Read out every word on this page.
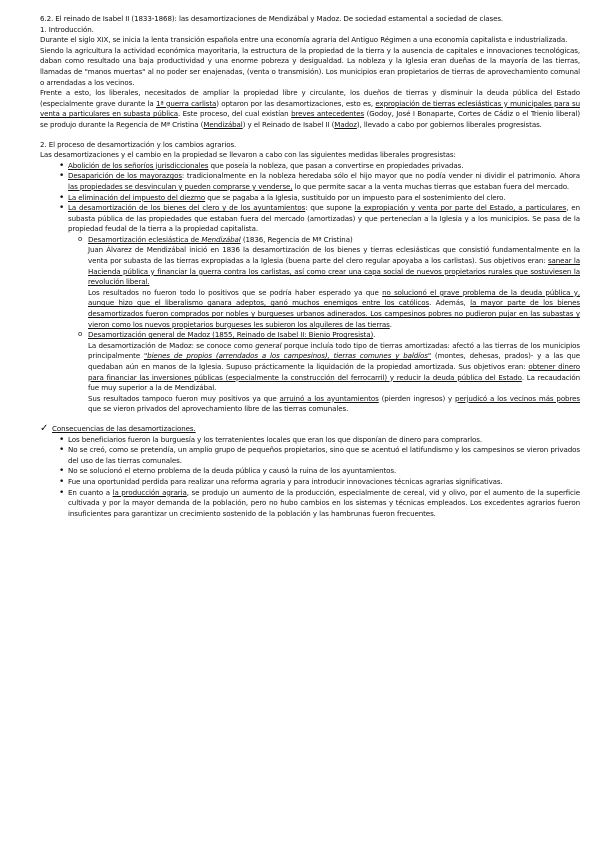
6.2. El reinado de Isabel II (1833-1868): las desamortizaciones de Mendizábal y Madoz. De sociedad estamental a sociedad de clases.

1. Introducción.

Durante el siglo XIX, se inicia la lenta transición española entre una economía agraria del Antiguo Régimen a una economía capitalista e industrializada.

Siendo la agricultura la actividad económica mayoritaria, la estructura de la propiedad de la tierra y la ausencia de capitales e innovaciones tecnológicas, daban como resultado una baja productividad y una enorme pobreza y desigualdad. La nobleza y la Iglesia eran dueñas de la mayoría de las tierras, llamadas de "manos muertas" al no poder ser enajenadas, (venta o transmisión). Los municipios eran propietarios de tierras de aprovechamiento comunal o arrendadas a los vecinos.

Frente a esto, los liberales, necesitados de ampliar la propiedad libre y circulante, los dueños de tierras y disminuir la deuda pública del Estado (especialmente grave durante la 1ª guerra carlista) optaron por las desamortizaciones, esto es, expropiación de tierras eclesiásticas y municipales para su venta a particulares en subasta pública. Este proceso, del cual existían breves antecedentes (Godoy, José I Bonaparte, Cortes de Cádiz o el Trienio liberal) se produjo durante la Regencia de Mª Cristina (Mendizábal) y el Reinado de Isabel II (Madoz), llevado a cabo por gobiernos liberales progresistas.

2. El proceso de desamortización y los cambios agrarios.

Las desamortizaciones y el cambio en la propiedad se llevaron a cabo con las siguientes medidas liberales progresistas:

• Abolición de los señoríos jurisdiccionales que poseía la nobleza, que pasan a convertirse en propiedades privadas.
• Desaparición de los mayorazgos: tradicionalmente en la nobleza heredaba sólo el hijo mayor que no podía vender ni dividir el patrimonio. Ahora las propiedades se desvinculan y pueden comprarse y venderse, lo que permite sacar a la venta muchas tierras que estaban fuera del mercado.
• La eliminación del impuesto del diezmo que se pagaba a la Iglesia, sustituido por un impuesto para el sostenimiento del clero.
• La desamortización de los bienes del clero y de los ayuntamientos: que supone la expropiación y venta por parte del Estado, a particulares, en subasta pública de las propiedades que estaban fuera del mercado (amortizadas) y que pertenecían a la Iglesia y a los municipios. Se pasa de la propiedad feudal de la tierra a la propiedad capitalista.
o Desamortización eclesiástica de Mendizábal (1836, Regencia de Mª Cristina)

Juan Álvarez de Mendizábal inició en 1836 la desamortización de los bienes y tierras eclesiásticas que consistió fundamentalmente en la venta por subasta de las tierras expropiadas a la Iglesia (buena parte del clero regular apoyaba a los carlistas). Sus objetivos eran: sanear la Hacienda pública y financiar la guerra contra los carlistas, así como crear una capa social de nuevos propietarios rurales que sostuviesen la revolución liberal.

Los resultados no fueron todo lo positivos que se podría haber esperado ya que no solucionó el grave problema de la deuda pública y, aunque hizo que el liberalismo ganara adeptos, ganó muchos enemigos entre los católicos. Además, la mayor parte de los bienes desamortizados fueron comprados por nobles y burgueses urbanos adinerados. Los campesinos pobres no pudieron pujar en las subastas y vieron como los nuevos propietarios burgueses les subieron los alquileres de las tierras.

o Desamortización general de Madoz (1855, Reinado de Isabel II: Bienio Progresista).

La desamortización de Madoz: se conoce como general porque incluía todo tipo de tierras amortizadas: afectó a las tierras de los municipios principalmente "bienes de propios (arrendados a los campesinos), tierras comunes y baldíos" (montes, dehesas, prados)- y a las que quedaban aún en manos de la Iglesia. Supuso prácticamente la liquidación de la propiedad amortizada. Sus objetivos eran: obtener dinero para financiar las inversiones públicas (especialmente la construcción del ferrocarril) y reducir la deuda pública del Estado. La recaudación fue muy superior a la de Mendizábal.

Sus resultados tampoco fueron muy positivos ya que arruinó a los ayuntamientos (pierden ingresos) y perjudicó a los vecinos más pobres que se vieron privados del aprovechamiento libre de las tierras comunales.

✓ Consecuencias de las desamortizaciones.
• Los beneficiarios fueron la burguesía y los terratenientes locales que eran los que disponían de dinero para comprarlos.
• No se creó, como se pretendía, un amplio grupo de pequeños propietarios, sino que se acentuó el latifundismo y los campesinos se vieron privados del uso de las tierras comunales.
• No se solucionó el eterno problema de la deuda pública y causó la ruina de los ayuntamientos.
• Fue una oportunidad perdida para realizar una reforma agraria y para introducir innovaciones técnicas agrarias significativas.
• En cuanto a la producción agraria, se produjo un aumento de la producción, especialmente de cereal, vid y olivo, por el aumento de la superficie cultivada y por la mayor demanda de la población, pero no hubo cambios en los sistemas y técnicas empleados. Los excedentes agrarios fueron insuficientes para garantizar un crecimiento sostenido de la población y las hambrunas fueron frecuentes.
